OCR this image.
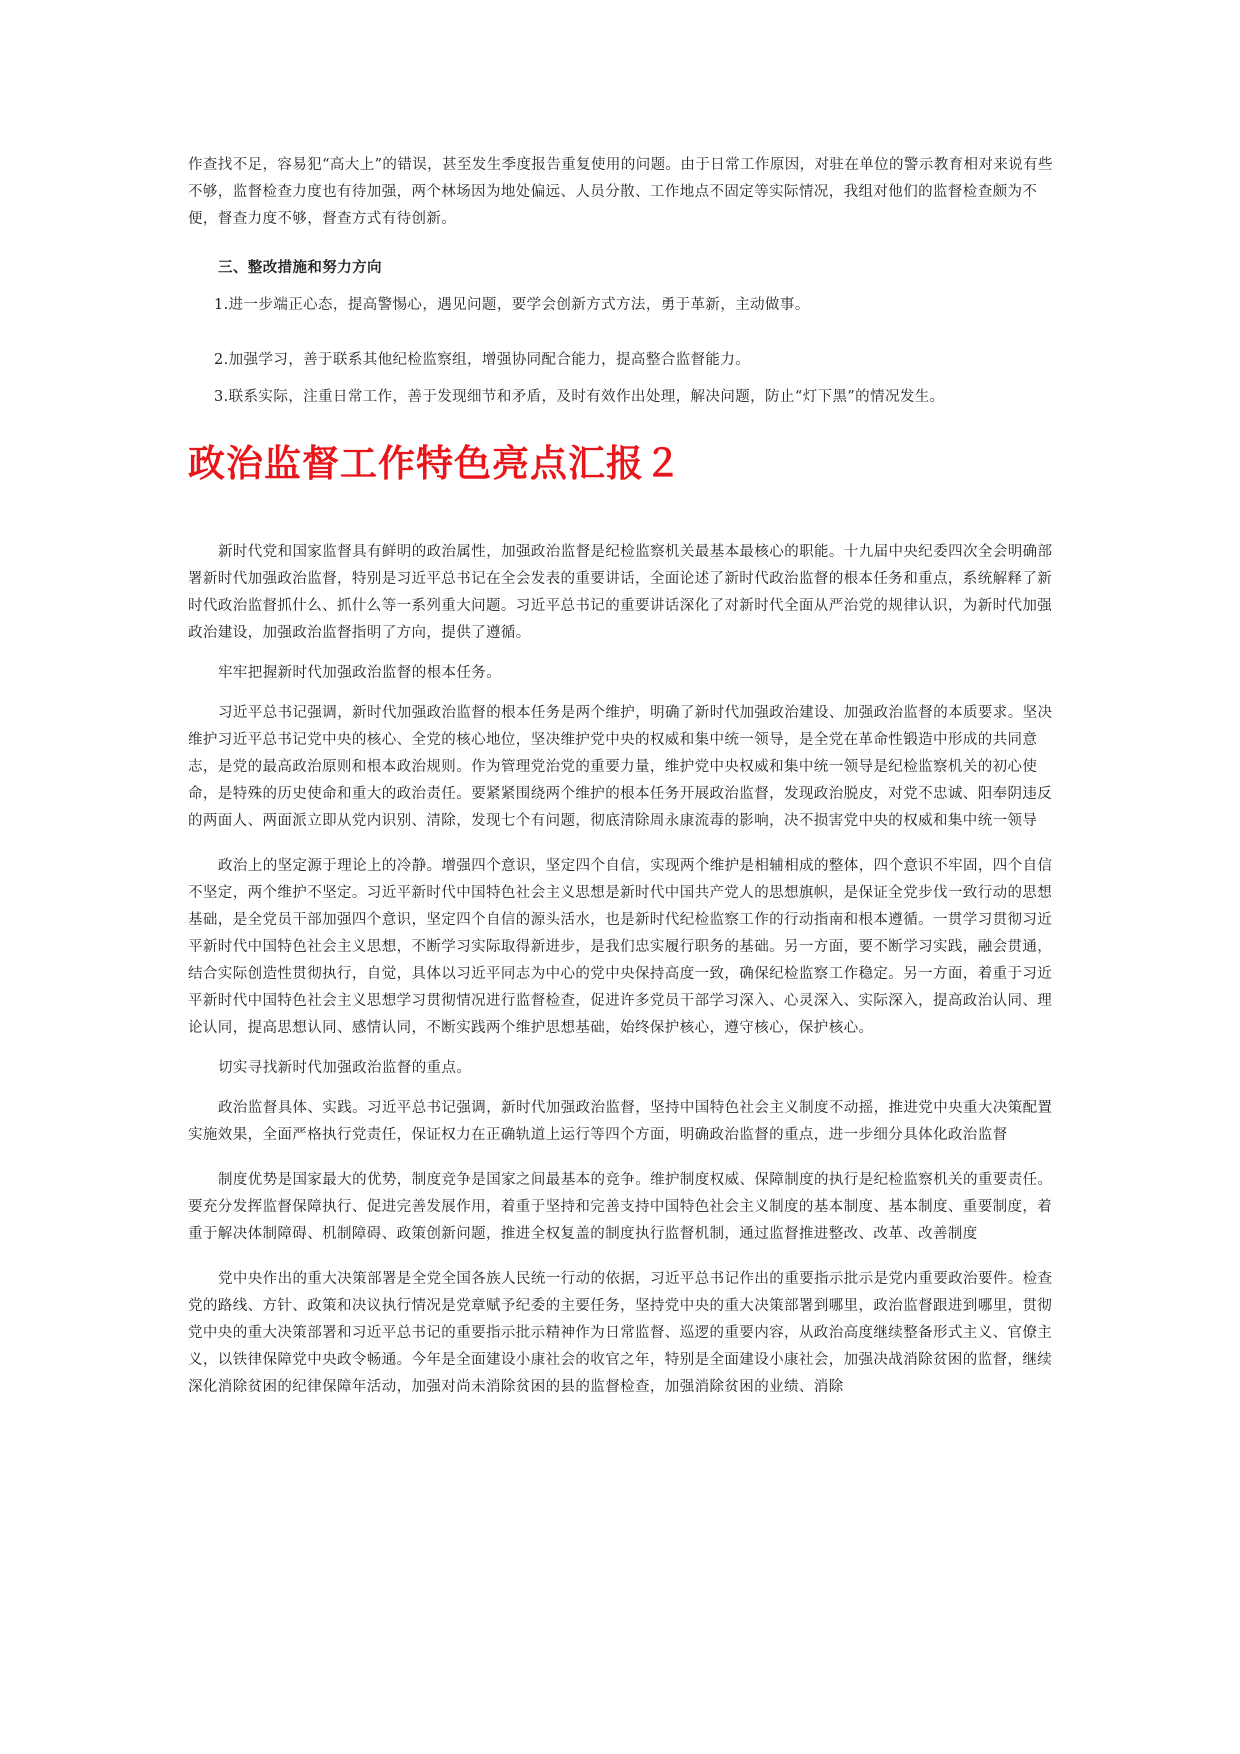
作查找不足，容易犯“高大上”的错误，甚至发生季度报告重复使用的问题。由于日常工作原因，对驻在单位的警示教育相对来说有些不够，监督检查力度也有待加强，两个林场因为地处偏远、人员分散、工作地点不固定等实际情况，我组对他们的监督检查颇为不便，督查力度不够，督查方式有待创新。

三、整改措施和努力方向

1.进一步端正心态，提高警惕心，遇见问题，要学会创新方式方法，勇于革新，主动做事。

2.加强学习，善于联系其他纪检监察组，增强协同配合能力，提高整合监督能力。

3.联系实际，注重日常工作，善于发现细节和矛盾，及时有效作出处理，解决问题，防止“灯下黑”的情况发生。

政治监督工作特色亮点汇报２

新时代党和国家监督具有鲜明的政治属性，加强政治监督是纪检监察机关最基本最核心的职能。十九届中央纪委四次全会明确部署新时代加强政治监督，特别是习近平总书记在全会发表的重要讲话，全面论述了新时代政治监督的根本任务和重点，系统解释了新时代政治监督抓什么、抓什么等一系列重大问题。习近平总书记的重要讲话深化了对新时代全面从严治党的规律认识，为新时代加强政治建设，加强政治监督指明了方向，提供了遵循。

牢牢把握新时代加强政治监督的根本任务。

习近平总书记强调，新时代加强政治监督的根本任务是两个维护，明确了新时代加强政治建设、加强政治监督的本质要求。坚决维护习近平总书记党中央的核心、全党的核心地位，坚决维护党中央的权威和集中统一领导，是全党在革命性锻造中形成的共同意志，是党的最高政治原则和根本政治规则。作为管理党治党的重要力量，维护党中央权威和集中统一领导是纪检监察机关的初心使命，是特殊的历史使命和重大的政治责任。要紧紧围绕两个维护的根本任务开展政治监督，发现政治脱皮，对党不忠诚、阳奉阴违反的两面人、两面派立即从党内识别、清除，发现七个有问题，彻底清除周永康流毒的影响，决不损害党中央的权威和集中统一领导

政治上的坚定源于理论上的冷静。增强四个意识，坚定四个自信，实现两个维护是相辅相成的整体，四个意识不牢固，四个自信不坚定，两个维护不坚定。习近平新时代中国特色社会主义思想是新时代中国共产党人的思想旗帜，是保证全党步伐一致行动的思想基础，是全党员干部加强四个意识，坚定四个自信的源头活水，也是新时代纪检监察工作的行动指南和根本遵循。一贯学习贯彻习近平新时代中国特色社会主义思想，不断学习实际取得新进步，是我们忠实履行职务的基础。另一方面，要不断学习实践，融会贯通，结合实际创造性贯彻执行，自觉，具体以习近平同志为中心的党中央保持高度一致，确保纪检监察工作稳定。另一方面，着重于习近平新时代中国特色社会主义思想学习贯彻情况进行监督检查，促进许多党员干部学习深入、心灵深入、实际深入，提高政治认同、理论认同，提高思想认同、感情认同，不断实践两个维护思想基础，始终保护核心，遵守核心，保护核心。

切实寻找新时代加强政治监督的重点。

政治监督具体、实践。习近平总书记强调，新时代加强政治监督，坚持中国特色社会主义制度不动摇，推进党中央重大决策配置实施效果，全面严格执行党责任，保证权力在正确轨道上运行等四个方面，明确政治监督的重点，进一步细分具体化政治监督

制度优势是国家最大的优势，制度竞争是国家之间最基本的竞争。维护制度权威、保障制度的执行是纪检监察机关的重要责任。要充分发挥监督保障执行、促进完善发展作用，着重于坚持和完善支持中国特色社会主义制度的基本制度、基本制度、重要制度，着重于解决体制障碍、机制障碍、政策创新问题，推进全权复盖的制度执行监督机制，通过监督推进整改、改革、改善制度

党中央作出的重大决策部署是全党全国各族人民统一行动的依据，习近平总书记作出的重要指示批示是党内重要政治要件。检查党的路线、方针、政策和决议执行情况是党章赋予纪委的主要任务，坚持党中央的重大决策部署到哪里，政治监督跟进到哪里，贯彻党中央的重大决策部署和习近平总书记的重要指示批示精神作为日常监督、巡逻的重要内容，从政治高度继续整备形式主义、官僚主义，以铁律保障党中央政令畅通。今年是全面建设小康社会的收官之年，特别是全面建设小康社会，加强决战消除贫困的监督，继续深化消除贫困的纪律保障年活动，加强对尚未消除贫困的县的监督检查，加强消除贫困的业绩、消除
